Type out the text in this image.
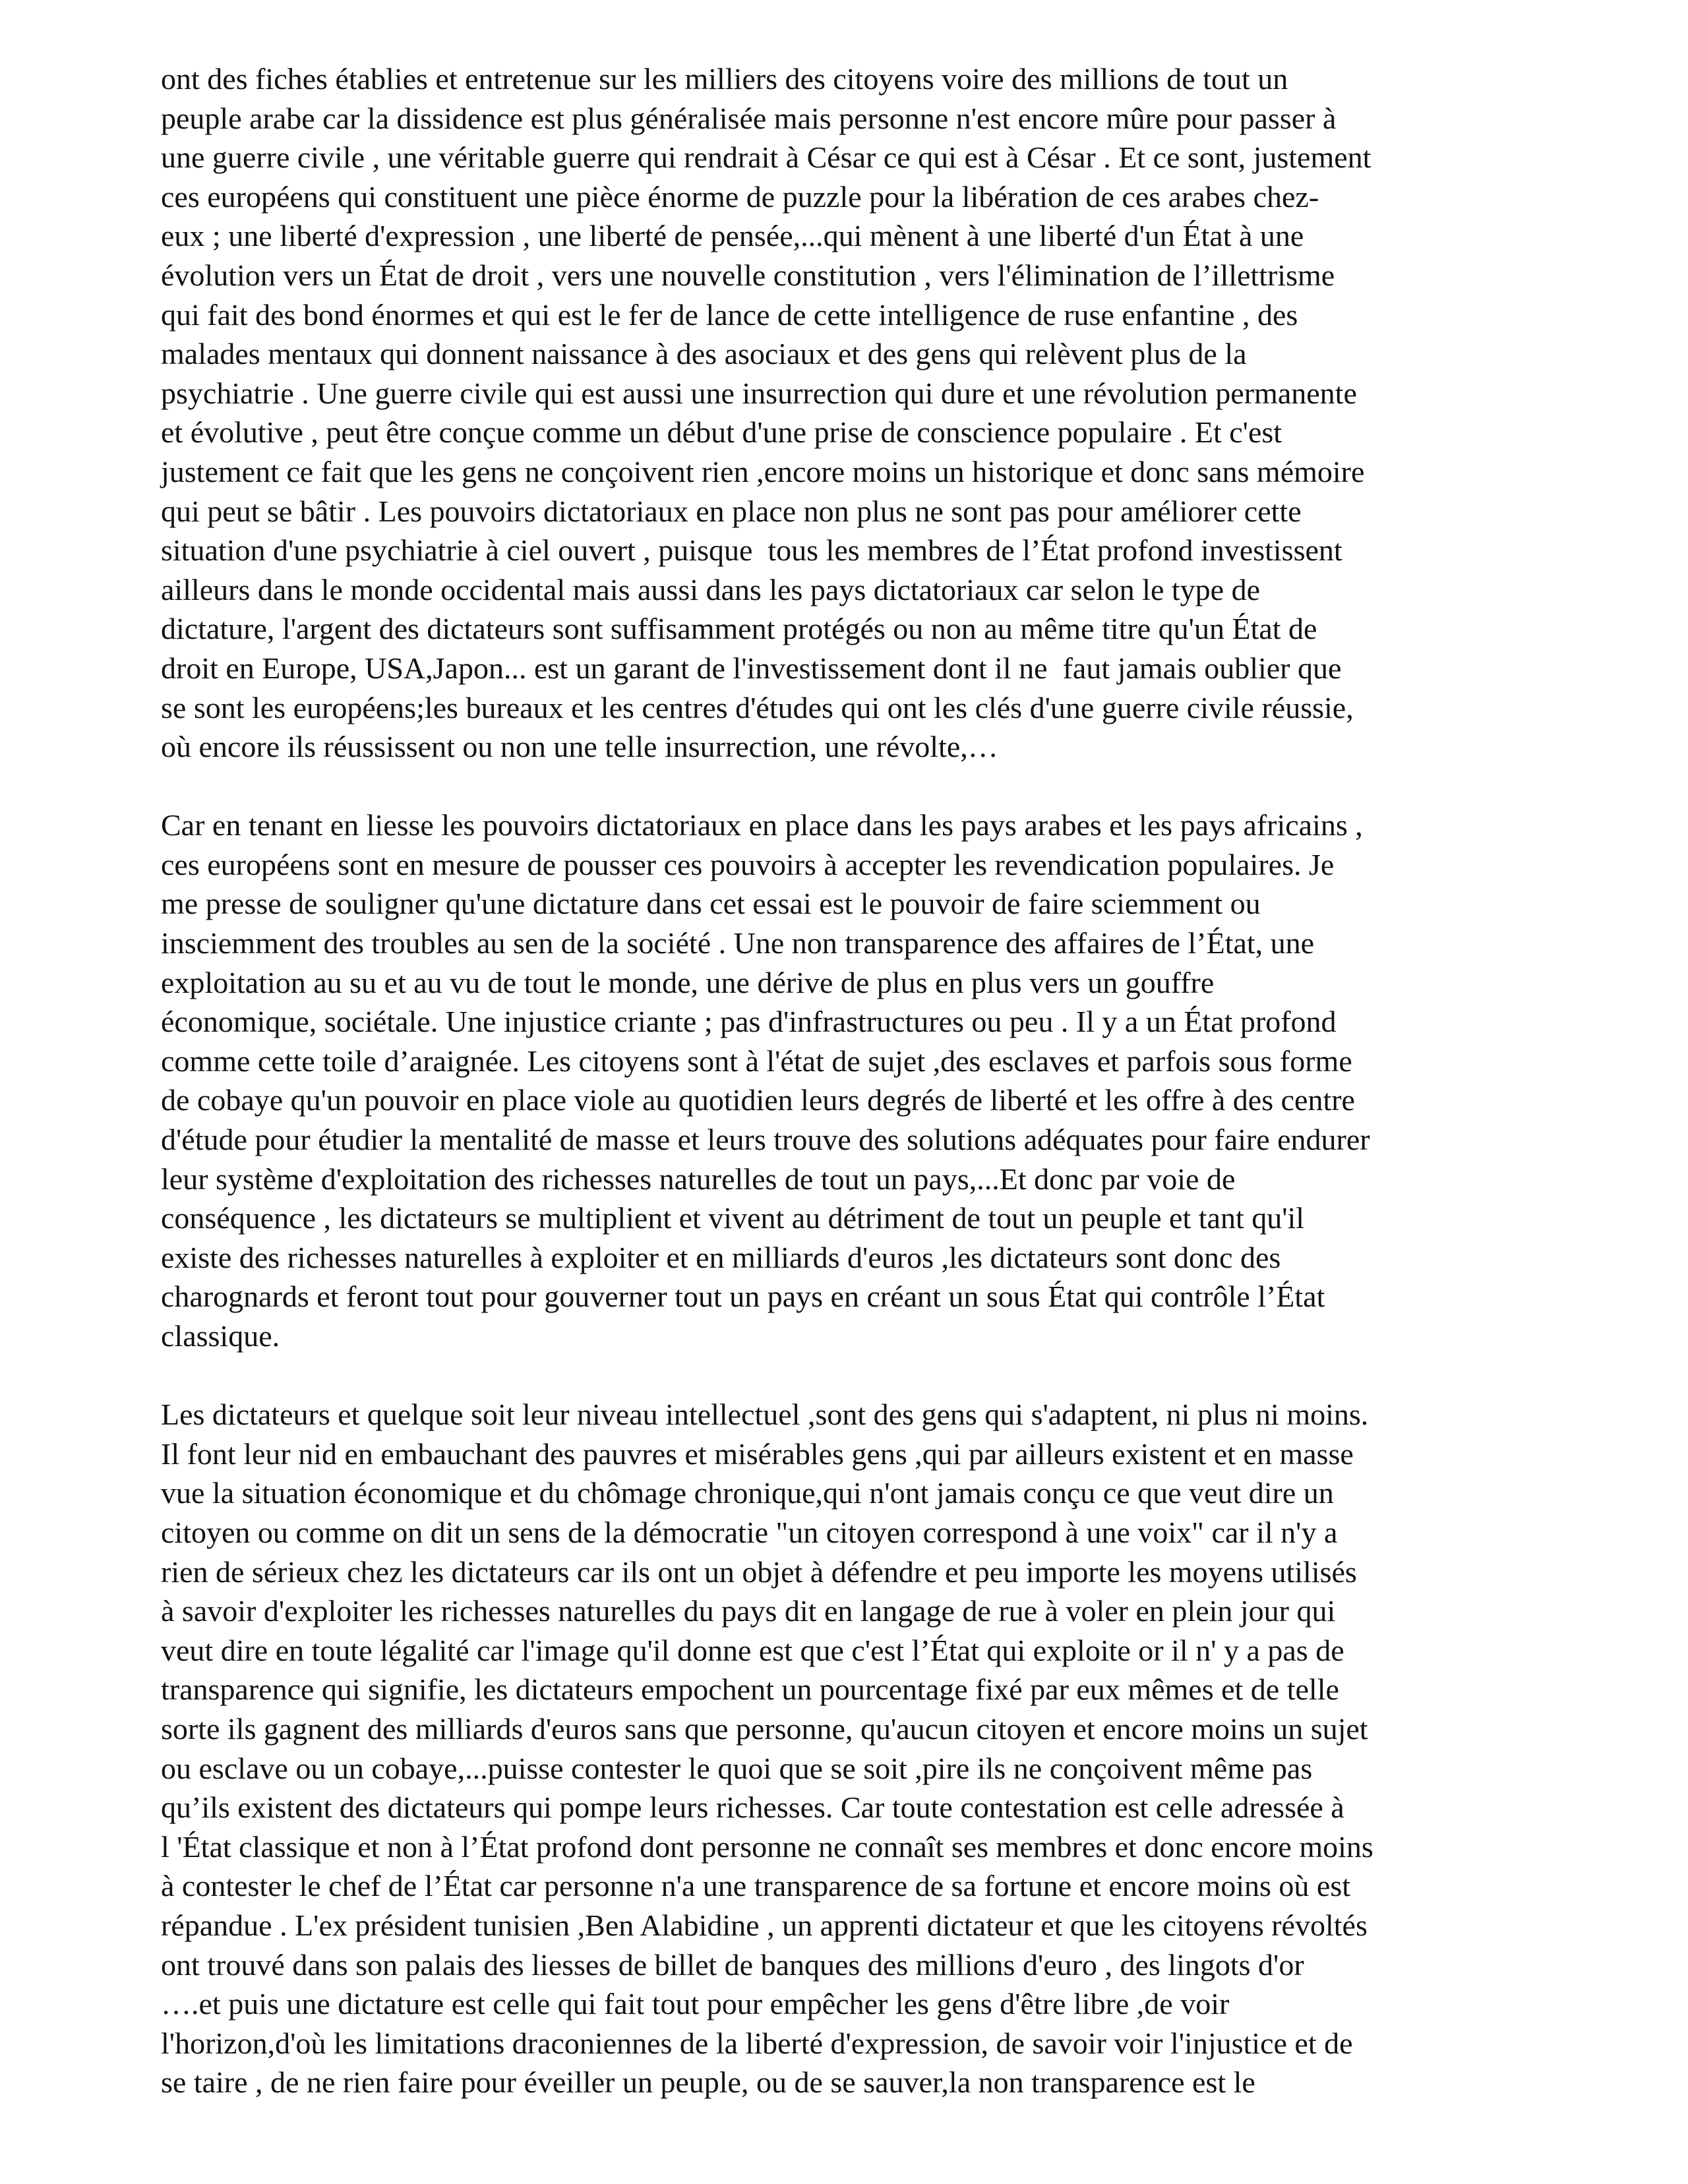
ont des fiches établies et entretenue sur les milliers des citoyens voire des millions de tout un
peuple arabe car la dissidence est plus généralisée mais personne n'est encore mûre pour passer à
une guerre civile , une véritable guerre qui rendrait à César ce qui est à César . Et ce sont, justement
ces européens qui constituent une pièce énorme de puzzle pour la libération de ces arabes chez-
eux ; une liberté d'expression , une liberté de pensée,...qui mènent à une liberté d'un État à une
évolution vers un État de droit , vers une nouvelle constitution , vers l'élimination de l’illettrisme
qui fait des bond énormes et qui est le fer de lance de cette intelligence de ruse enfantine , des
malades mentaux qui donnent naissance à des asociaux et des gens qui relèvent plus de la
psychiatrie . Une guerre civile qui est aussi une insurrection qui dure et une révolution permanente
et évolutive , peut être conçue comme un début d'une prise de conscience populaire . Et c'est
justement ce fait que les gens ne conçoivent rien ,encore moins un historique et donc sans mémoire
qui peut se bâtir . Les pouvoirs dictatoriaux en place non plus ne sont pas pour améliorer cette
situation d'une psychiatrie à ciel ouvert , puisque  tous les membres de l’État profond investissent
ailleurs dans le monde occidental mais aussi dans les pays dictatoriaux car selon le type de
dictature, l'argent des dictateurs sont suffisamment protégés ou non au même titre qu'un État de
droit en Europe, USA,Japon... est un garant de l'investissement dont il ne  faut jamais oublier que
se sont les européens;les bureaux et les centres d'études qui ont les clés d'une guerre civile réussie,
où encore ils réussissent ou non une telle insurrection, une révolte,…
Car en tenant en liesse les pouvoirs dictatoriaux en place dans les pays arabes et les pays africains ,
ces européens sont en mesure de pousser ces pouvoirs à accepter les revendication populaires. Je
me presse de souligner qu'une dictature dans cet essai est le pouvoir de faire sciemment ou
insciemment des troubles au sen de la société . Une non transparence des affaires de l’État, une
exploitation au su et au vu de tout le monde, une dérive de plus en plus vers un gouffre
économique, sociétale. Une injustice criante ; pas d'infrastructures ou peu . Il y a un État profond
comme cette toile d’araignée. Les citoyens sont à l'état de sujet ,des esclaves et parfois sous forme
de cobaye qu'un pouvoir en place viole au quotidien leurs degrés de liberté et les offre à des centre
d'étude pour étudier la mentalité de masse et leurs trouve des solutions adéquates pour faire endurer
leur système d'exploitation des richesses naturelles de tout un pays,...Et donc par voie de
conséquence , les dictateurs se multiplient et vivent au détriment de tout un peuple et tant qu'il
existe des richesses naturelles à exploiter et en milliards d'euros ,les dictateurs sont donc des
charognards et feront tout pour gouverner tout un pays en créant un sous État qui contrôle l’État
classique.
Les dictateurs et quelque soit leur niveau intellectuel ,sont des gens qui s'adaptent, ni plus ni moins.
Il font leur nid en embauchant des pauvres et misérables gens ,qui par ailleurs existent et en masse
vue la situation économique et du chômage chronique,qui n'ont jamais conçu ce que veut dire un
citoyen ou comme on dit un sens de la démocratie "un citoyen correspond à une voix" car il n'y a
rien de sérieux chez les dictateurs car ils ont un objet à défendre et peu importe les moyens utilisés
à savoir d'exploiter les richesses naturelles du pays dit en langage de rue à voler en plein jour qui
veut dire en toute légalité car l'image qu'il donne est que c'est l’État qui exploite or il n' y a pas de
transparence qui signifie, les dictateurs empochent un pourcentage fixé par eux mêmes et de telle
sorte ils gagnent des milliards d'euros sans que personne, qu'aucun citoyen et encore moins un sujet
ou esclave ou un cobaye,...puisse contester le quoi que se soit ,pire ils ne conçoivent même pas
qu’ils existent des dictateurs qui pompe leurs richesses. Car toute contestation est celle adressée à
l 'État classique et non à l’État profond dont personne ne connaît ses membres et donc encore moins
à contester le chef de l’État car personne n'a une transparence de sa fortune et encore moins où est
répandue . L'ex président tunisien ,Ben Alabidine , un apprenti dictateur et que les citoyens révoltés
ont trouvé dans son palais des liesses de billet de banques des millions d'euro , des lingots d'or
….et puis une dictature est celle qui fait tout pour empêcher les gens d'être libre ,de voir
l'horizon,d'où les limitations draconiennes de la liberté d'expression, de savoir voir l'injustice et de
se taire , de ne rien faire pour éveiller un peuple, ou de se sauver,la non transparence est le
